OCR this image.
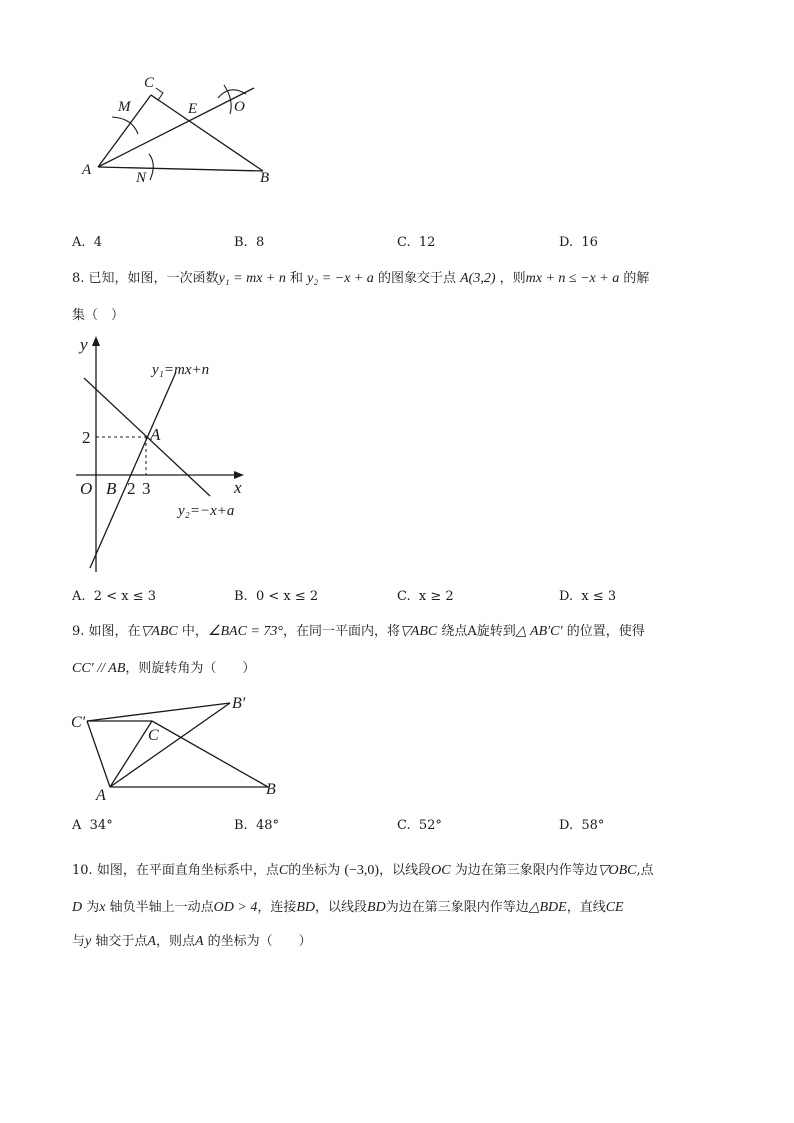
C
M	E O
A	N	B
A. 4	B. 8	C. 12	D. 16
8. 已知，如图，一次函数y₁ = mx + n 和 y₂ = −x + a 的图象交于点 A(3,2) ，则mx + n ≤ −x + a 的解
集（　）
y
x
y₁=mx+n
y₂=−x+a
2	A
O B 2 3
A. 2 < x ≤ 3	B. 0 < x ≤ 2	C. x ≥ 2	D. x ≤ 3
9. 如图，在▽ABC 中，∠BAC = 73°，在同一平面内，将▽ABC 绕点A旋转到△ AB′C′ 的位置，使得
CC′ // AB，则旋转角为（　　）
C′
B′
C
A	B
A 34°	B. 48°	C. 52°	D. 58°
10. 如图，在平面直角坐标系中，点C的坐标为 (−3,0)，以线段OC 为边在第三象限内作等边▽OBC,点
D 为x 轴负半轴上一动点OD > 4，连接BD，以线段BD为边在第三象限内作等边△BDE，直线CE
与y 轴交于点A，则点A 的坐标为（　　）
